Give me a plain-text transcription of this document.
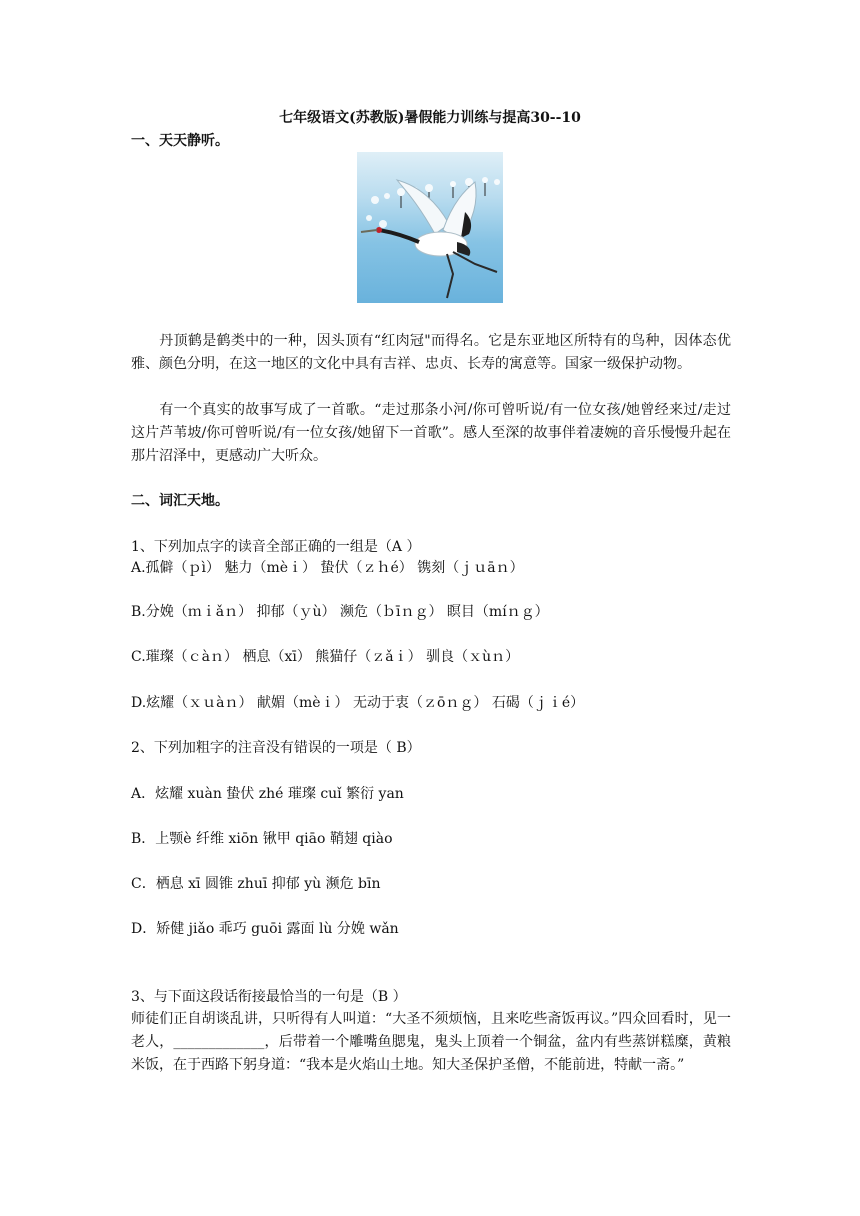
七年级语文(苏教版)暑假能力训练与提高30--10
一、天天静听。
丹顶鹤是鹤类中的一种，因头顶有“红肉冠"而得名。它是东亚地区所特有的鸟种，因体态优雅、颜色分明，在这一地区的文化中具有吉祥、忠贞、长寿的寓意等。国家一级保护动物。
有一个真实的故事写成了一首歌。“走过那条小河/你可曾听说/有一位女孩/她曾经来过/走过这片芦苇坡/你可曾听说/有一位女孩/她留下一首歌”。感人至深的故事伴着凄婉的音乐慢慢升起在那片沼泽中，更感动广大听众。
二、词汇天地。
1、下列加点字的读音全部正确的一组是（A ）
A.孤僻（ｐì） 魅力（mèｉ） 蛰伏（ｚｈé） 镌刻（ｊｕāｎ）
B.分娩（ｍｉǎｎ） 抑郁（ｙù） 濒危（ｂīｎｇ） 瞑目（míｎｇ）
C.璀璨（ｃàｎ） 栖息（xī） 熊猫仔（ｚǎｉ） 驯良（ｘùｎ）
D.炫耀（ｘｕàｎ） 献媚（mèｉ） 无动于衷（ｚōｎｇ） 石碣（ｊｉé）
2、下列加粗字的注音没有错误的一项是（ B）
A．炫耀 xuàn 蛰伏 zhé 璀璨 cuǐ 繁衍 yan
B．上颚è 纤维 xiōn 锹甲 qiāo 鞘翅 qiào
C．栖息 xī 圆锥 zhuī 抑郁 yù 濒危 bīn
D．矫健 jiǎo 乖巧 guōi 露面 lù 分娩 wǎn
3、与下面这段话衔接最恰当的一句是（B ）
师徒们正自胡谈乱讲，只听得有人叫道：“大圣不须烦恼，且来吃些斋饭再议。”四众回看时，见一老人，_____________，后带着一个雕嘴鱼腮鬼，鬼头上顶着一个铜盆，盆内有些蒸饼糕糜，黄粮米饭，在于西路下躬身道：“我本是火焰山土地。知大圣保护圣僧，不能前进，特献一斋。”
